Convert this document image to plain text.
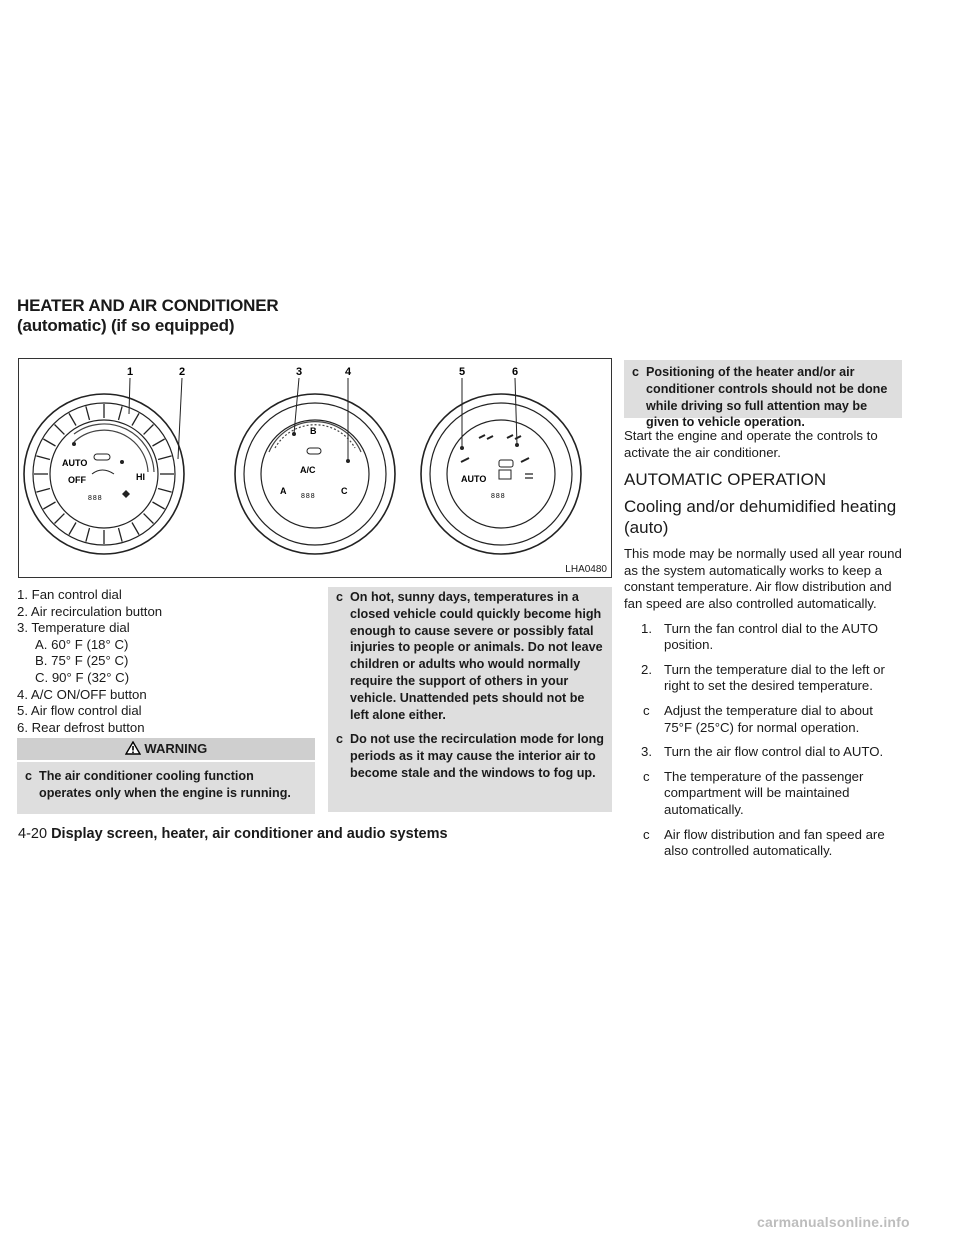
HEATER AND AIR CONDITIONER
(automatic) (if so equipped)
AUTO
OFF	HI
888
1	2
A/C
A
B
C
888
3	4
AUTO
888
5	6
LHA0480
1. Fan control dial
2. Air recirculation button
3. Temperature dial
A. 60° F (18° C)
B. 75° F (25° C)
C. 90° F (32° C)
4. A/C ON/OFF button
5. Air flow control dial
6. Rear defrost button
WARNING
c The air conditioner cooling function operates only when the engine is running.

c On hot, sunny days, temperatures in a closed vehicle could quickly become high enough to cause severe or possibly fatal injuries to people or animals. Do not leave children or adults who would normally require the support of others in your vehicle. Unattended pets should not be left alone either.

c Do not use the recirculation mode for long periods as it may cause the interior air to become stale and the windows to fog up.

c Positioning of the heater and/or air conditioner controls should not be done while driving so full attention may be given to vehicle operation.
Start the engine and operate the controls to activate the air conditioner.
AUTOMATIC OPERATION
Cooling and/or dehumidified heating (auto)
This mode may be normally used all year round as the system automatically works to keep a constant temperature. Air flow distribution and fan speed are also controlled automatically.
1. Turn the fan control dial to the AUTO position.
2. Turn the temperature dial to the left or right to set the desired temperature.
c Adjust the temperature dial to about 75°F (25°C) for normal operation.
3. Turn the air flow control dial to AUTO.
c The temperature of the passenger compartment will be maintained automatically.
c Air flow distribution and fan speed are also controlled automatically.
4-20 Display screen, heater, air conditioner and audio systems
carmanualsonline.info
